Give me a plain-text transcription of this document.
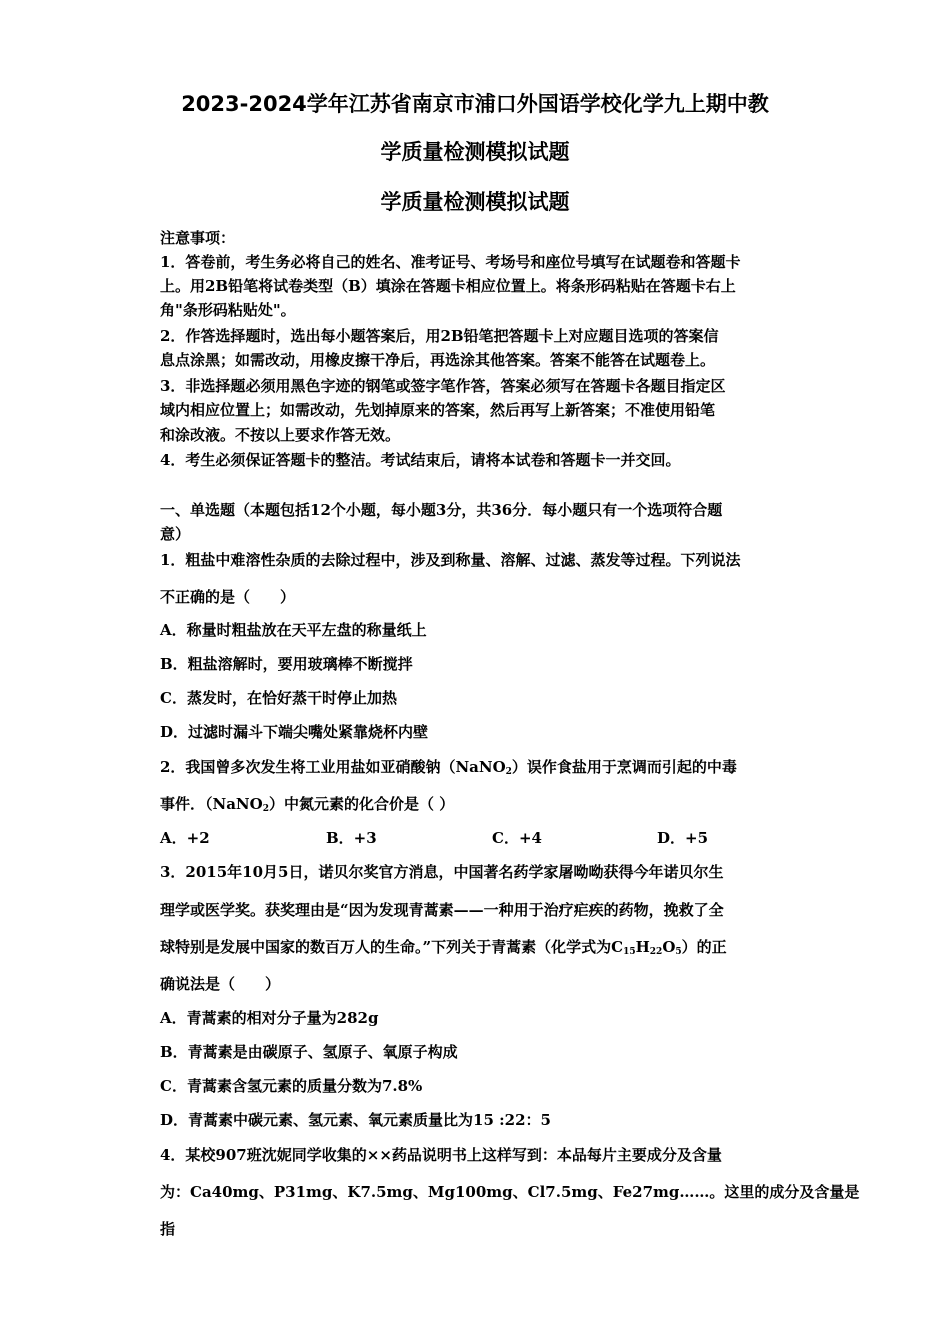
2023-2024学年江苏省南京市浦口外国语学校化学九上期中教
学质量检测模拟试题
学质量检测模拟试题
注意事项：
1．答卷前，考生务必将自己的姓名、准考证号、考场号和座位号填写在试题卷和答题卡
上。用2B铅笔将试卷类型（B）填涂在答题卡相应位置上。将条形码粘贴在答题卡右上
角"条形码粘贴处"。
2．作答选择题时，选出每小题答案后，用2B铅笔把答题卡上对应题目选项的答案信
息点涂黑；如需改动，用橡皮擦干净后，再选涂其他答案。答案不能答在试题卷上。
3．非选择题必须用黑色字迹的钢笔或签字笔作答，答案必须写在答题卡各题目指定区
域内相应位置上；如需改动，先划掉原来的答案，然后再写上新答案；不准使用铅笔
和涂改液。不按以上要求作答无效。
4．考生必须保证答题卡的整洁。考试结束后，请将本试卷和答题卡一并交回。
一、单选题（本题包括12个小题，每小题3分，共36分．每小题只有一个选项符合题
意）
1．粗盐中难溶性杂质的去除过程中，涉及到称量、溶解、过滤、蒸发等过程。下列说法
不正确的是（　　）
A．称量时粗盐放在天平左盘的称量纸上
B．粗盐溶解时，要用玻璃棒不断搅拌
C．蒸发时，在恰好蒸干时停止加热
D．过滤时漏斗下端尖嘴处紧靠烧杯内壁
2．我国曾多次发生将工业用盐如亚硝酸钠（NaNO$_2$）误作食盐用于烹调而引起的中毒
事件．（NaNO$_2$）中氮元素的化合价是（ ）
A．+2	B．+3	C．+4	D．+5
3．2015年10月5日，诺贝尔奖官方消息，中国著名药学家屠呦呦获得今年诺贝尔生
理学或医学奖。获奖理由是“因为发现青蒿素——一种用于治疗疟疾的药物，挽救了全
球特别是发展中国家的数百万人的生命。”下列关于青蒿素（化学式为$C_{15}H_{22}O_5$）的正
确说法是（　　）
A．青蒿素的相对分子量为282g
B．青蒿素是由碳原子、氢原子、氧原子构成
C．青蒿素含氢元素的质量分数为7.8%
D．青蒿素中碳元素、氢元素、氧元素质量比为15 :22：5
4．某校907班沈妮同学收集的××药品说明书上这样写到：本品每片主要成分及含量
为：Ca40mg、P31mg、K7.5mg、Mg100mg、Cl7.5mg、Fe27mg……。这里的成分及含量是
指
